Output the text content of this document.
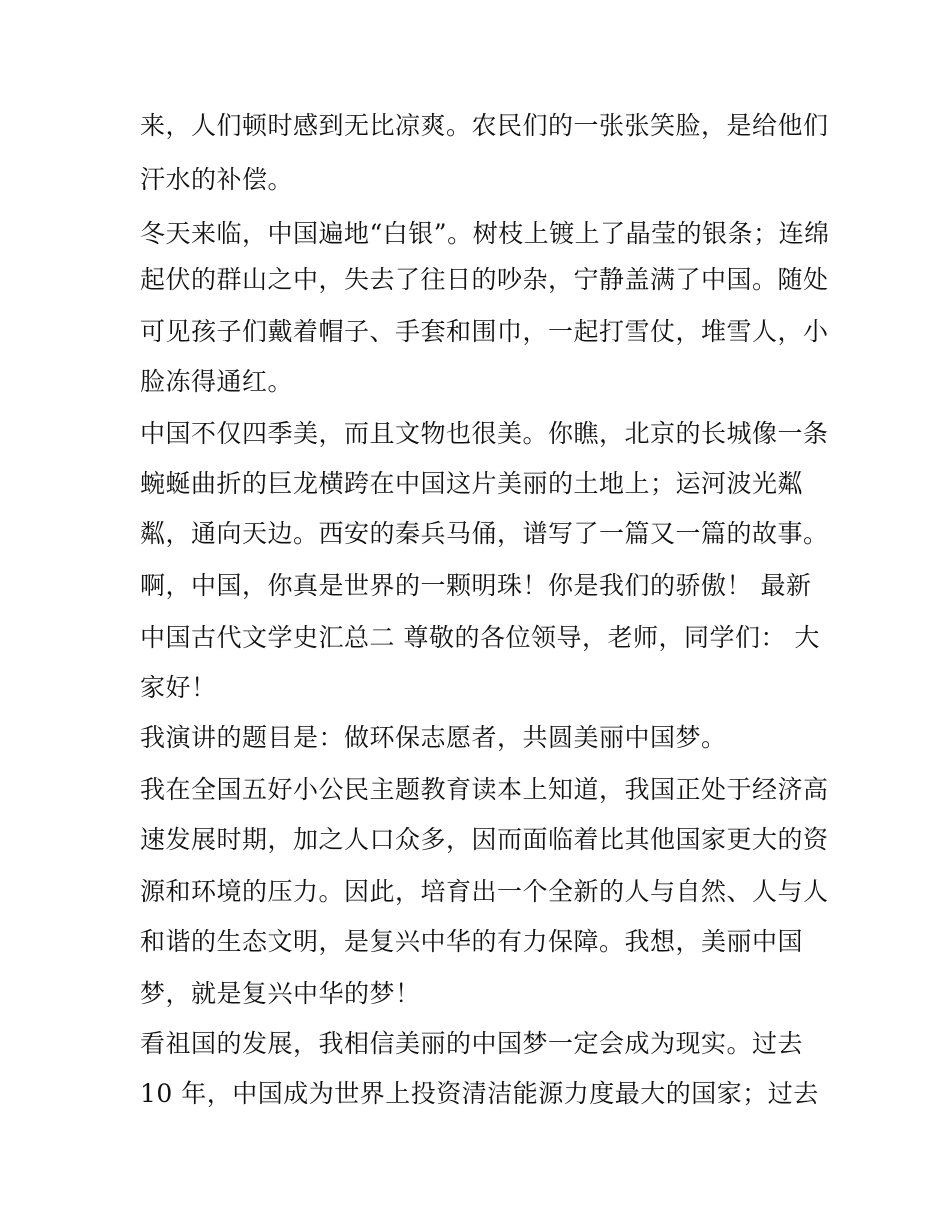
来，人们顿时感到无比凉爽。农民们的一张张笑脸，是给他们
汗水的补偿。
冬天来临，中国遍地“白银”。树枝上镀上了晶莹的银条；连绵
起伏的群山之中，失去了往日的吵杂，宁静盖满了中国。随处
可见孩子们戴着帽子、手套和围巾，一起打雪仗，堆雪人，小
脸冻得通红。
中国不仅四季美，而且文物也很美。你瞧，北京的长城像一条
蜿蜒曲折的巨龙横跨在中国这片美丽的土地上；运河波光粼
粼，通向天边。西安的秦兵马俑，谱写了一篇又一篇的故事。
啊，中国，你真是世界的一颗明珠！你是我们的骄傲！ 最新
中国古代文学史汇总二 尊敬的各位领导，老师，同学们： 大
家好！
我演讲的题目是：做环保志愿者，共圆美丽中国梦。
我在全国五好小公民主题教育读本上知道，我国正处于经济高
速发展时期，加之人口众多，因而面临着比其他国家更大的资
源和环境的压力。因此，培育出一个全新的人与自然、人与人
和谐的生态文明，是复兴中华的有力保障。我想，美丽中国
梦，就是复兴中华的梦！
看祖国的发展，我相信美丽的中国梦一定会成为现实。过去
10 年，中国成为世界上投资清洁能源力度最大的国家；过去
